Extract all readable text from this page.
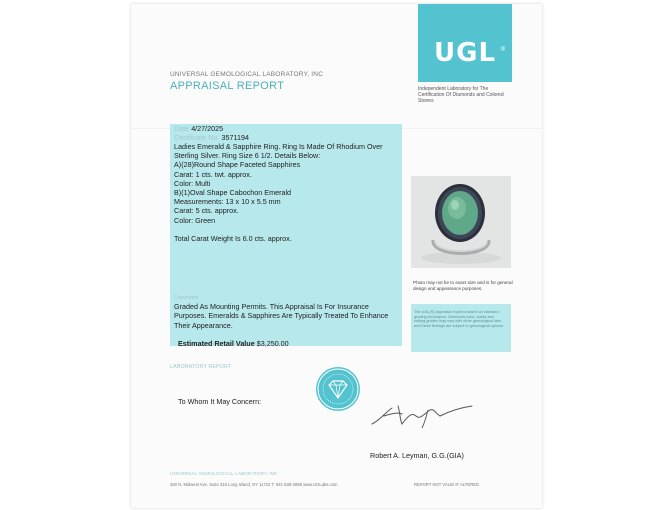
UNIVERSAL GEMOLOGICAL LABORATORY, INC
APPRAISAL REPORT
UGL ®
Independent Laboratory for The Certification Of Diamonds and Colored Stones
Date 4/27/2025
Certificate No. 3571194
Ladies Emerald & Sapphire Ring. Ring Is Made Of Rhodium Over
Sterling Silver. Ring Size 6 1/2. Details Below:
A)(28)Round Shape Faceted Sapphires
Carat: 1 cts. twt. approx.
Color: Multi
B)(1)Oval Shape Cabochon Emerald
Measurements: 13 x 10 x 5.5 mm
Carat: 5 cts. approx.
Color: Green

Total Carat Weight Is 6.0 cts. approx.
Comments
Graded As Mounting Permits. This Appraisal Is For Insurance
Purposes. Emeralds & Sapphires Are Typically Treated To Enhance
Their Appearance.
Estimated Retail Value $3,250.00
Photo may not be to exact size and is for general design and appearance purposes.
The UGL(R) Appraisal report is based on standard grading techniques. Diamonds color, clarity and cutting grades may vary with other gemological labs and these findings are subject to gemological opinion.
LABORATORY REPORT
To Whom It May Concern:
Robert A. Leyman, G.G.(GIA)
UNIVERSAL GEMOLOGICAL LABORATORY, INC
450 N. Midwest Ave. Suite 315 Long Island, NY 11722 T: 631-539-2088 www.UGLabs.com	REPORT NOT VALID IF ALTERED
